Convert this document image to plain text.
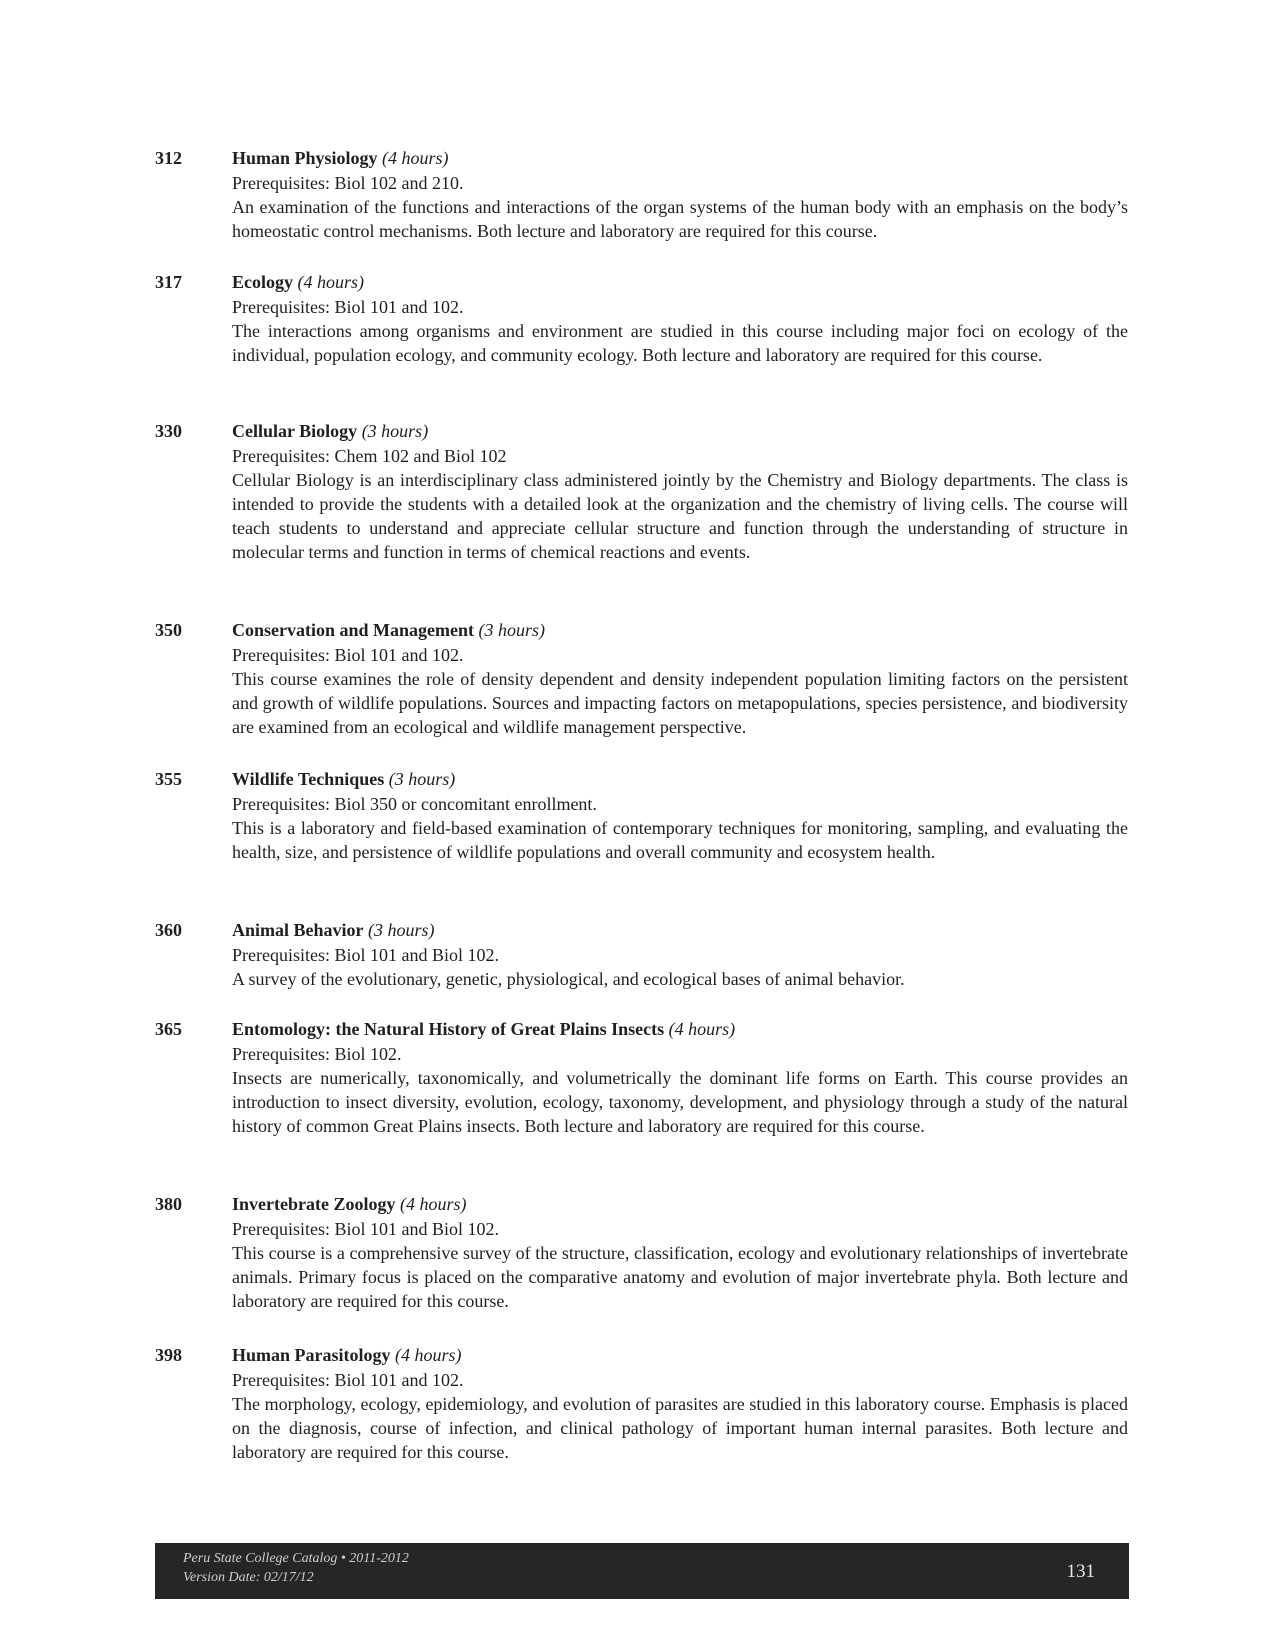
312	Human Physiology (4 hours)

Prerequisites: Biol 102 and 210.

An examination of the functions and interactions of the organ systems of the human body with an emphasis on the body’s homeostatic control mechanisms. Both lecture and laboratory are required for this course.

317	Ecology (4 hours)

Prerequisites: Biol 101 and 102.

The interactions among organisms and environment are studied in this course including major foci on ecology of the individual, population ecology, and community ecology. Both lecture and laboratory are required for this course.

330	Cellular Biology (3 hours)

Prerequisites: Chem 102 and Biol 102

Cellular Biology is an interdisciplinary class administered jointly by the Chemistry and Biology departments. The class is intended to provide the students with a detailed look at the organization and the chemistry of living cells. The course will teach students to understand and appreciate cellular structure and function through the understanding of structure in molecular terms and function in terms of chemical reactions and events.

350	Conservation and Management (3 hours)

Prerequisites: Biol 101 and 102.

This course examines the role of density dependent and density independent population limiting factors on the persistent and growth of wildlife populations. Sources and impacting factors on metapopulations, species persistence, and biodiversity are examined from an ecological and wildlife management perspective.

355	Wildlife Techniques (3 hours)

Prerequisites: Biol 350 or concomitant enrollment.

This is a laboratory and field-based examination of contemporary techniques for monitoring, sampling, and evaluating the health, size, and persistence of wildlife populations and overall community and ecosystem health.

360	Animal Behavior (3 hours)

Prerequisites: Biol 101 and Biol 102.

A survey of the evolutionary, genetic, physiological, and ecological bases of animal behavior.

365	Entomology: the Natural History of Great Plains Insects (4 hours)

Prerequisites: Biol 102.

Insects are numerically, taxonomically, and volumetrically the dominant life forms on Earth. This course provides an introduction to insect diversity, evolution, ecology, taxonomy, development, and physiology through a study of the natural history of common Great Plains insects. Both lecture and laboratory are required for this course.

380	Invertebrate Zoology (4 hours)

Prerequisites: Biol 101 and Biol 102.

This course is a comprehensive survey of the structure, classification, ecology and evolutionary relationships of invertebrate animals. Primary focus is placed on the comparative anatomy and evolution of major invertebrate phyla. Both lecture and laboratory are required for this course.

398	Human Parasitology (4 hours)

Prerequisites: Biol 101 and 102.

The morphology, ecology, epidemiology, and evolution of parasites are studied in this laboratory course. Emphasis is placed on the diagnosis, course of infection, and clinical pathology of important human internal parasites. Both lecture and laboratory are required for this course.

Peru State College Catalog • 2011-2012
Version Date: 02/17/12	131
